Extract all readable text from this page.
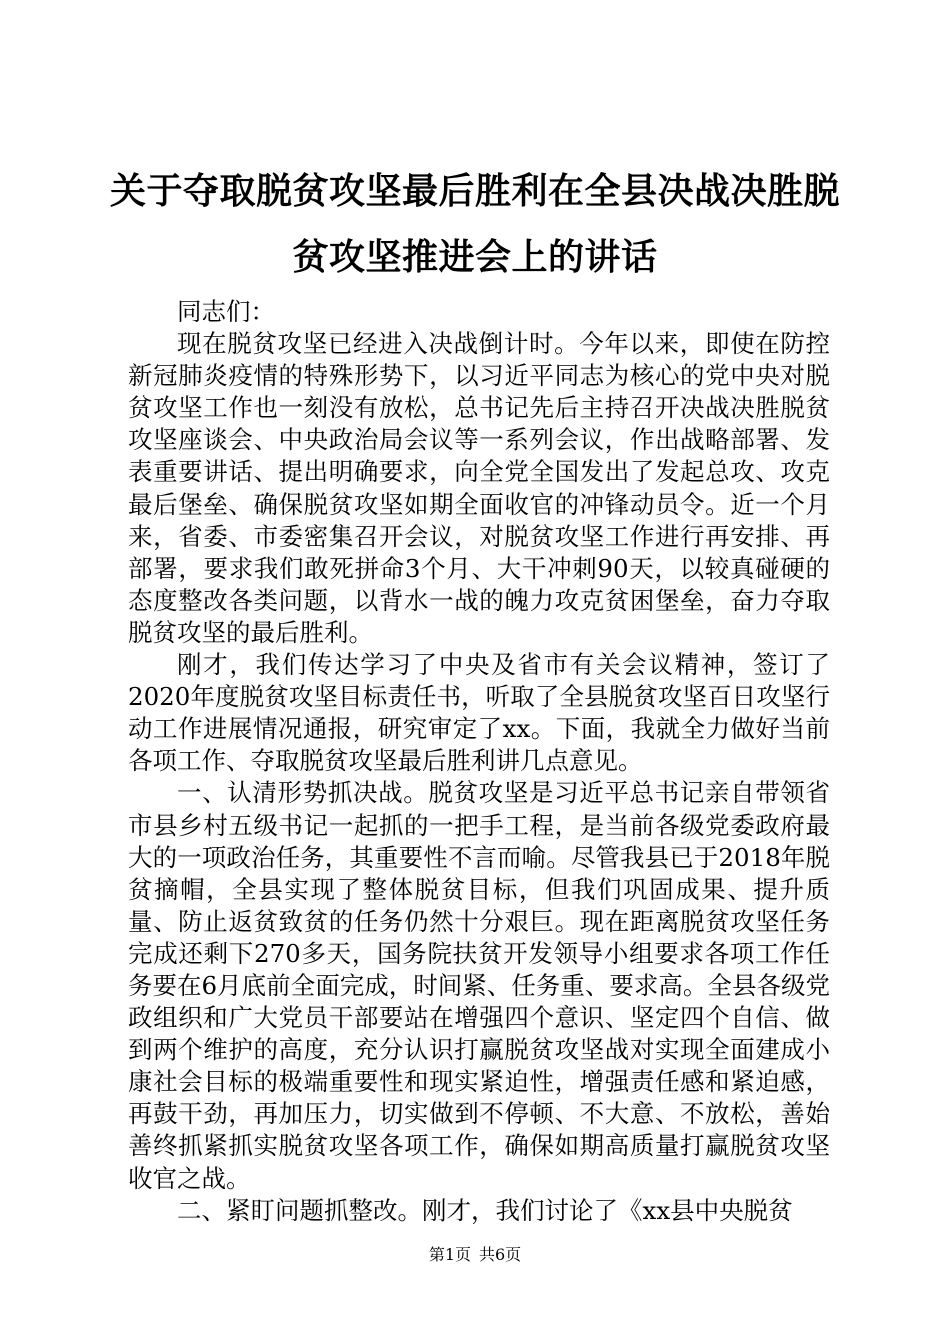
关于夺取脱贫攻坚最后胜利在全县决战决胜脱贫攻坚推进会上的讲话

同志们：

现在脱贫攻坚已经进入决战倒计时。今年以来，即使在防控新冠肺炎疫情的特殊形势下，以习近平同志为核心的党中央对脱贫攻坚工作也一刻没有放松，总书记先后主持召开决战决胜脱贫攻坚座谈会、中央政治局会议等一系列会议，作出战略部署、发表重要讲话、提出明确要求，向全党全国发出了发起总攻、攻克最后堡垒、确保脱贫攻坚如期全面收官的冲锋动员令。近一个月来，省委、市委密集召开会议，对脱贫攻坚工作进行再安排、再部署，要求我们敢死拼命3个月、大干冲刺90天，以较真碰硬的态度整改各类问题，以背水一战的魄力攻克贫困堡垒，奋力夺取脱贫攻坚的最后胜利。

刚才，我们传达学习了中央及省市有关会议精神，签订了2020年度脱贫攻坚目标责任书，听取了全县脱贫攻坚百日攻坚行动工作进展情况通报，研究审定了xx。下面，我就全力做好当前各项工作、夺取脱贫攻坚最后胜利讲几点意见。

一、认清形势抓决战。脱贫攻坚是习近平总书记亲自带领省市县乡村五级书记一起抓的一把手工程，是当前各级党委政府最大的一项政治任务，其重要性不言而喻。尽管我县已于2018年脱贫摘帽，全县实现了整体脱贫目标，但我们巩固成果、提升质量、防止返贫致贫的任务仍然十分艰巨。现在距离脱贫攻坚任务完成还剩下270多天，国务院扶贫开发领导小组要求各项工作任务要在6月底前全面完成，时间紧、任务重、要求高。全县各级党政组织和广大党员干部要站在增强四个意识、坚定四个自信、做到两个维护的高度，充分认识打赢脱贫攻坚战对实现全面建成小康社会目标的极端重要性和现实紧迫性，增强责任感和紧迫感，再鼓干劲，再加压力，切实做到不停顿、不大意、不放松，善始善终抓紧抓实脱贫攻坚各项工作，确保如期高质量打赢脱贫攻坚收官之战。

二、紧盯问题抓整改。刚才，我们讨论了《xx县中央脱贫

第1页 共6页
